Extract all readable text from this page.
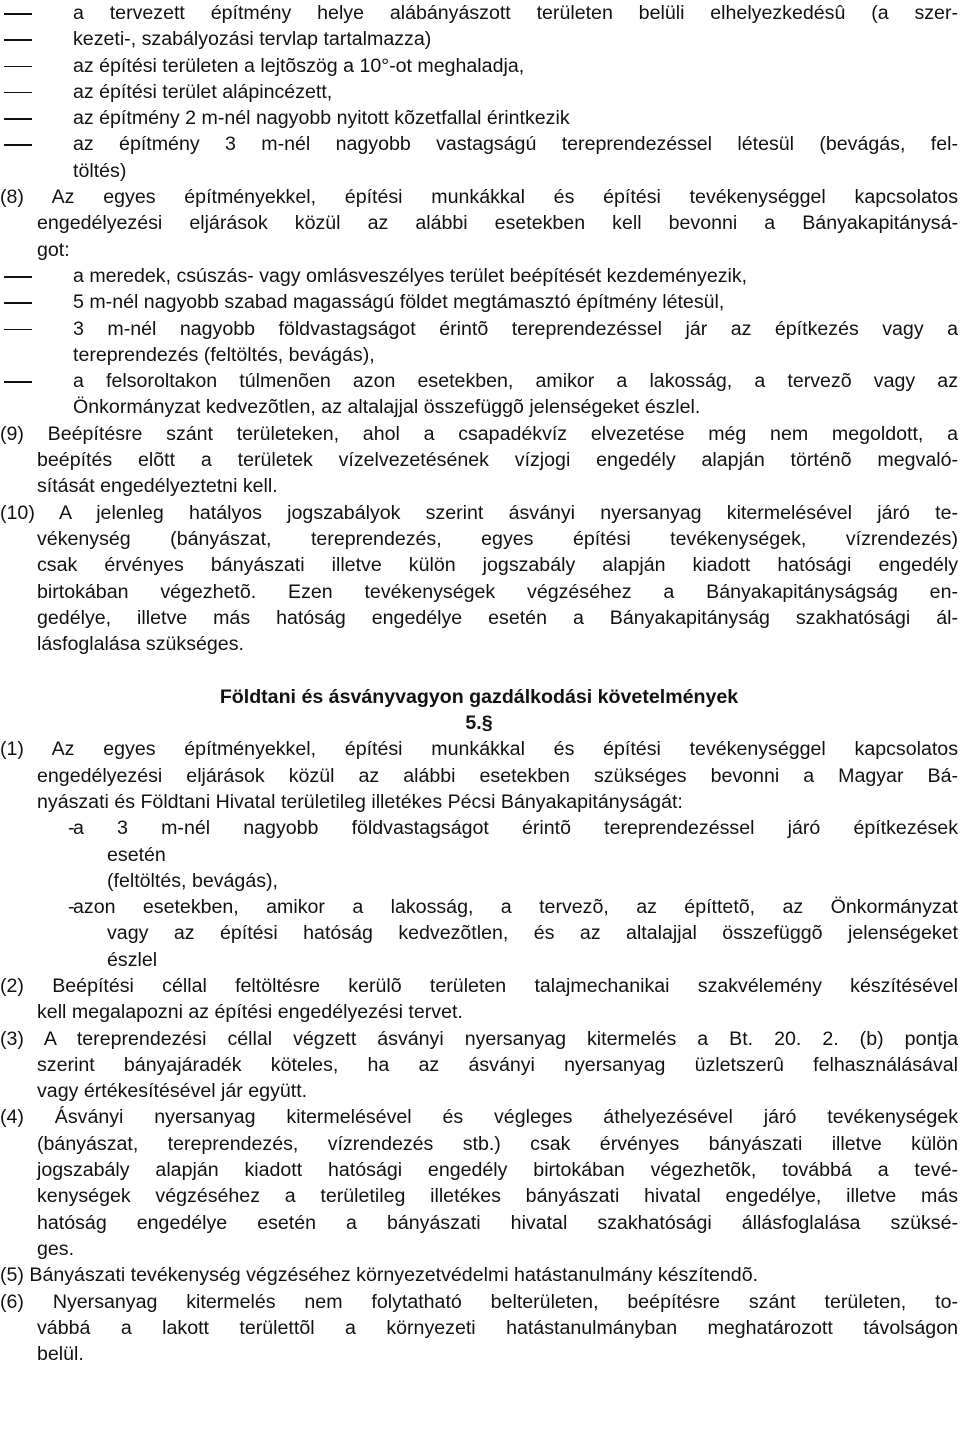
a tervezett építmény helye alábányászott területen belüli elhelyezkedésû (a szer-
kezeti-, szabályozási tervlap tartalmazza)
az építési területen a lejtõszög a 10°-ot meghaladja,
az építési terület alápincézett,
az építmény 2 m-nél nagyobb nyitott kõzetfallal érintkezik
az építmény 3 m-nél nagyobb vastagságú tereprendezéssel létesül (bevágás, fel-
töltés)
(8) Az egyes építményekkel, építési munkákkal és építési tevékenységgel kapcsolatos
engedélyezési eljárások közül az alábbi esetekben kell bevonni a Bányakapitánysá-
got:
a meredek, csúszás- vagy omlásveszélyes terület beépítését kezdeményezik,
5 m-nél nagyobb szabad magasságú földet megtámasztó építmény létesül,
3 m-nél nagyobb földvastagságot érintõ tereprendezéssel jár az építkezés vagy a
tereprendezés (feltöltés, bevágás),
a felsoroltakon túlmenõen azon esetekben, amikor a lakosság, a tervezõ vagy az
Önkormányzat kedvezõtlen, az altalajjal összefüggõ jelenségeket észlel.
(9) Beépítésre szánt területeken, ahol a csapadékvíz elvezetése még nem megoldott, a
beépítés elõtt a területek vízelvezetésének vízjogi engedély alapján történõ megvaló-
sítását engedélyeztetni kell.
(10) A jelenleg hatályos jogszabályok szerint ásványi nyersanyag kitermelésével járó te-
vékenység (bányászat, tereprendezés, egyes építési tevékenységek, vízrendezés)
csak érvényes bányászati illetve külön jogszabály alapján kiadott hatósági engedély
birtokában végezhetõ. Ezen tevékenységek végzéséhez a Bányakapitányságság en-
gedélye, illetve más hatóság engedélye esetén a Bányakapitányság szakhatósági ál-
lásfoglalása szükséges.
Földtani és ásványvagyon gazdálkodási követelmények
5.§
(1) Az egyes építményekkel, építési munkákkal és építési tevékenységgel kapcsolatos
engedélyezési eljárások közül az alábbi esetekben szükséges bevonni a Magyar Bá-
nyászati és Földtani Hivatal területileg illetékes Pécsi Bányakapitányságát:
- a 3 m-nél nagyobb földvastagságot érintõ tereprendezéssel járó építkezések
esetén
(feltöltés, bevágás),
- azon esetekben, amikor a lakosság, a tervezõ, az építtetõ, az Önkormányzat
vagy az építési hatóság kedvezõtlen, és az altalajjal összefüggõ jelenségeket
észlel
(2) Beépítési céllal feltöltésre kerülõ területen talajmechanikai szakvélemény készítésével
kell megalapozni az építési engedélyezési tervet.
(3) A tereprendezési céllal végzett ásványi nyersanyag kitermelés a Bt. 20. 2. (b) pontja
szerint bányajáradék köteles, ha az ásványi nyersanyag üzletszerû felhasználásával
vagy értékesítésével jár együtt.
(4) Ásványi nyersanyag kitermelésével és végleges áthelyezésével járó tevékenységek
(bányászat, tereprendezés, vízrendezés stb.) csak érvényes bányászati illetve külön
jogszabály alapján kiadott hatósági engedély birtokában végezhetõk, továbbá a tevé-
kenységek végzéséhez a területileg illetékes bányászati hivatal engedélye, illetve más
hatóság engedélye esetén a bányászati hivatal szakhatósági állásfoglalása szüksé-
ges.
(5) Bányászati tevékenység végzéséhez környezetvédelmi hatástanulmány készítendõ.
(6) Nyersanyag kitermelés nem folytatható belterületen, beépítésre szánt területen, to-
vábbá a lakott területtõl a környezeti hatástanulmányban meghatározott távolságon
belül.
